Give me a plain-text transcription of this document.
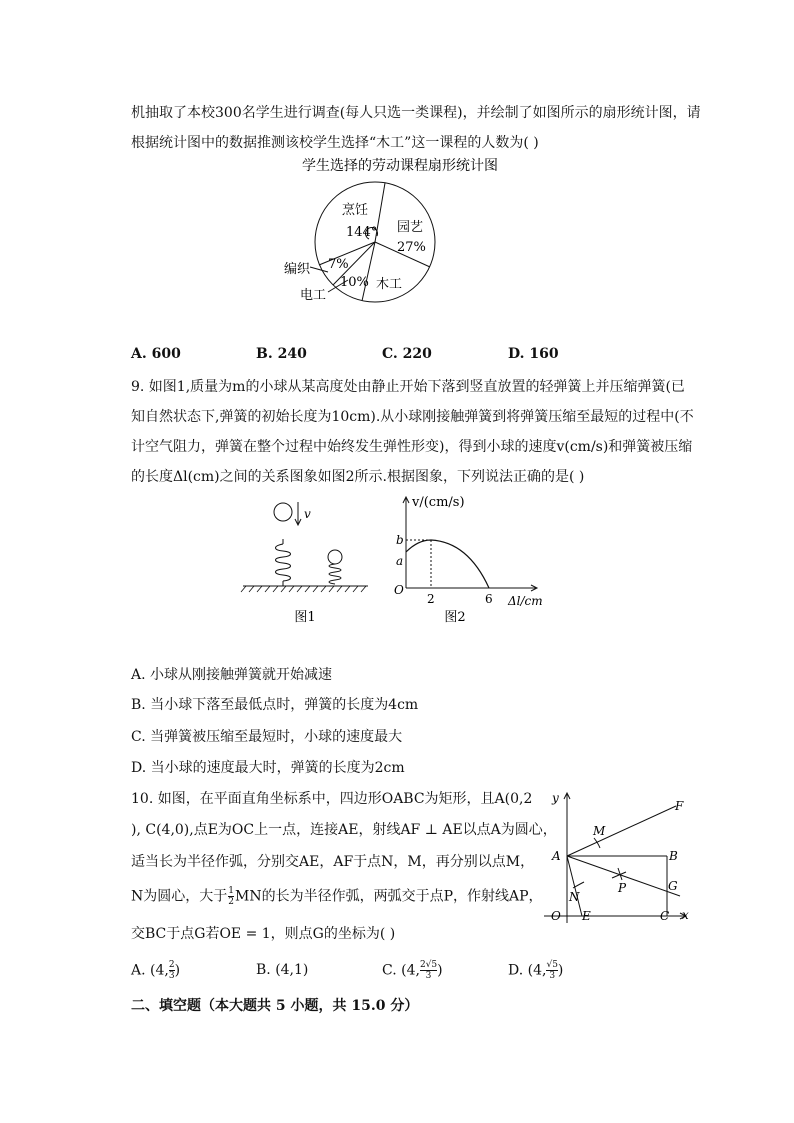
机抽取了本校300名学生进行调查(每人只选一类课程)，并绘制了如图所示的扇形统计图，请
根据统计图中的数据推测该校学生选择“木工”这一课程的人数为( )
学生选择的劳动课程扇形统计图
烹饪
144° 园艺
27%
编织 7%
电工
10% 木工
A. 600	B. 240	C. 220	D. 160
9. 如图1,质量为m的小球从某高度处由静止开始下落到竖直放置的轻弹簧上并压缩弹簧(已
知自然状态下,弹簧的初始长度为10cm).从小球刚接触弹簧到将弹簧压缩至最短的过程中(不
计空气阻力，弹簧在整个过程中始终发生弹性形变)，得到小球的速度v(cm/s)和弹簧被压缩
的长度Δl(cm)之间的关系图象如图2所示.根据图象，下列说法正确的是( )
v
图1
v/(cm/s)
Δl/cm
b
a
O
2	6
图2
A. 小球从刚接触弹簧就开始减速
B. 当小球下落至最低点时，弹簧的长度为4cm
C. 当弹簧被压缩至最短时，小球的速度最大
D. 当小球的速度最大时，弹簧的长度为2cm
10. 如图，在平面直角坐标系中，四边形OABC为矩形，且A(0,2
), C(4,0),点E为OC上一点，连接AE，射线AF ⊥ AE以点A为圆心，
适当长为半径作弧，分别交AE，AF于点N，M，再分别以点M，
N为圆心，大于 $\frac{1}{2}$ MN的长为半径作弧，两弧交于点P，作射线AP，
交BC于点G若OE = 1，则点G的坐标为( )
y
x
F
M
A	B
P	G
N
O E	C
A. (4, $\frac{2}{3}$ )	B. (4,1)	C. (4, $\frac{2√5}{3}$ )	D. (4, $\frac{√5}{3}$ )
二、填空题（本大题共 5 小题，共 15.0 分）
